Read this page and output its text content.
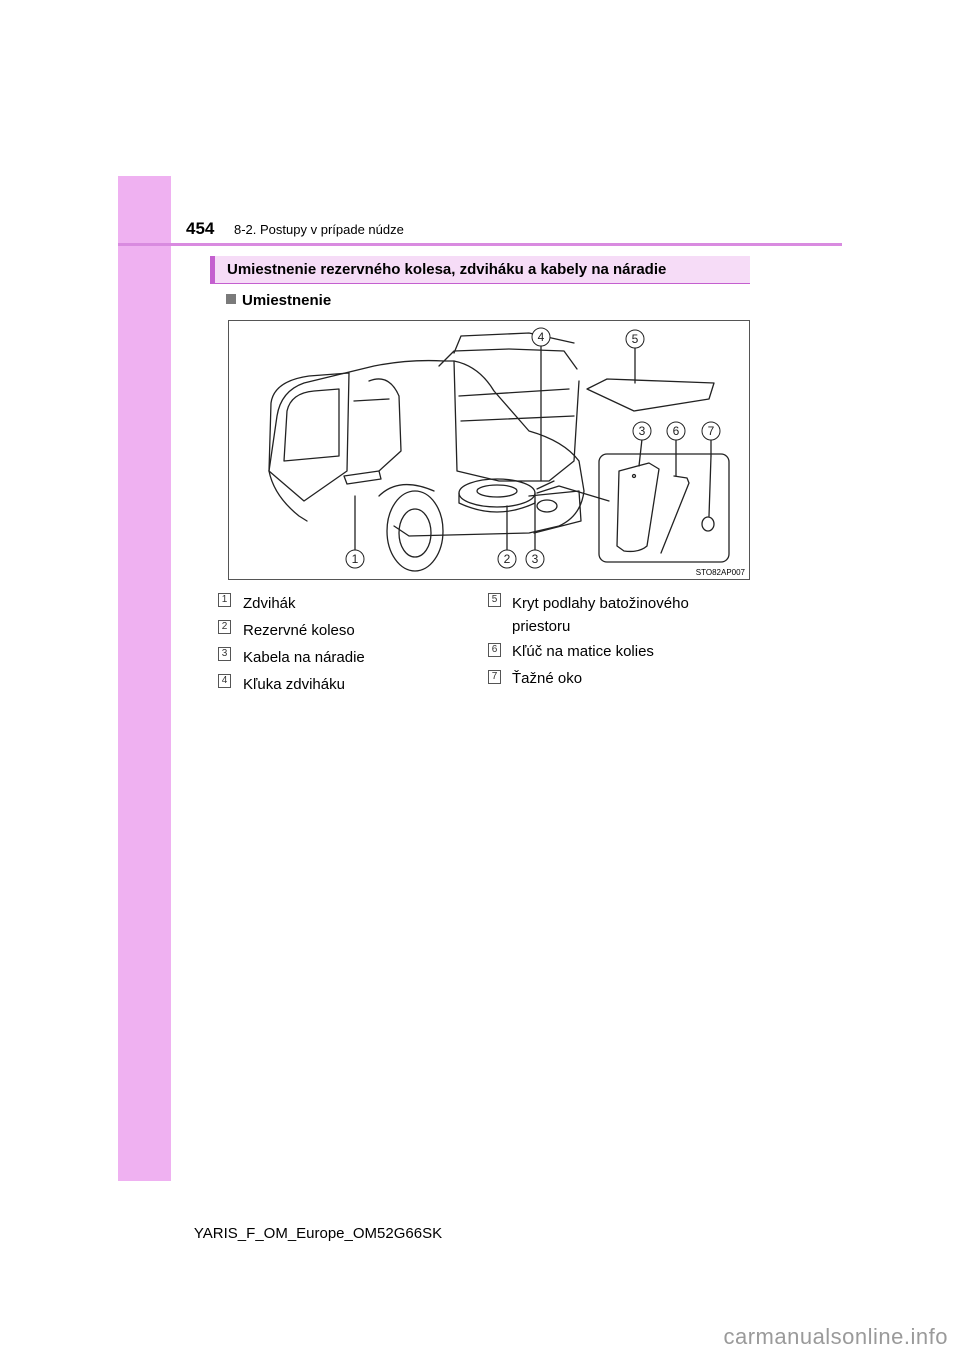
454 8-2. Postupy v prípade núdze
Umiestnenie rezervného kolesa, zdviháku a kabely na náradie
Umiestnenie
4	5
3 6 7
1	2 3
STO82AP007
1 Zdvihák
2 Rezervné koleso
3 Kabela na náradie
4 Kľuka zdviháku
5 Kryt podlahy batožinového
priestoru
6 Kľúč na matice kolies
7 Ťažné oko
YARIS_F_OM_Europe_OM52G66SK
carmanualsonline.info
